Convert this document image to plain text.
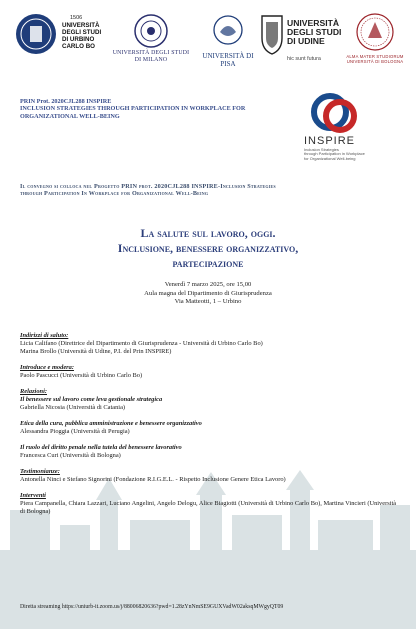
1506
UNIVERSITÀ
DEGLI STUDI
DI URBINO
CARLO BO
UNIVERSITÀ DEGLI STUDI
DI MILANO	UNIVERSITÀ DI PISA
UNIVERSITÀ
DEGLI STUDI
DI UDINE
hic sunt futura	ALMA MATER STUDIORUM
UNIVERSITÀ DI BOLOGNA
PRIN Prot. 2020CJL288 INSPIRE
INCLUSION STRATEGIES THROUGH PARTICIPATION IN WORKPLACE FOR
ORGANIZATIONAL WELL-BEING
INSPIRE
Inclusion Strategies
through Participation in Workplace
for Organizational Well-being
Il convegno si colloca nel Progetto PRIN prot. 2020CJL288 INSPIRE-Inclusion Strategies
through Participation In Workplace for Organizational Well-Being
La salute sul lavoro, oggi.
Inclusione, benessere organizzativo,
partecipazione
Venerdì 7 marzo 2025, ore 15,00
Aula magna del Dipartimento di Giurisprudenza
Via Matteotti, 1 – Urbino
Indirizzi di saluto:
Licia Califano (Direttrice del Dipartimento di Giurisprudenza - Università di Urbino Carlo Bo)
Marina Brollo (Università di Udine, P.I. del Prin INSPIRE)
Introduce e modera:
Paolo Pascucci (Università di Urbino Carlo Bo)
Relazioni:
Il benessere sul lavoro come leva gestionale strategica
Gabriella Nicosia (Università di Catania)
Etica della cura, pubblica amministrazione e benessere organizzativo
Alessandra Pioggia (Università di Perugia)
Il ruolo del diritto penale nella tutela del benessere lavorativo
Francesca Curi (Università di Bologna)
Testimonianze:
Antonella Ninci e Stefano Signorini (Fondazione R.I.G.E.L. - Rispetto Inclusione Genere Etica Lavoro)
Interventi
Piera Campanella, Chiara Lazzari, Luciano Angelini, Angelo Delogu, Alice Biagiotti (Università di Urbino Carlo Bo), Martina Vincieri (Università di Bologna)
Diretta streaming https://uniurb-it.zoom.us/j/88006820636?pwd=1.28zYnNmSE9GUXVadW02aksqMWgyQT09
